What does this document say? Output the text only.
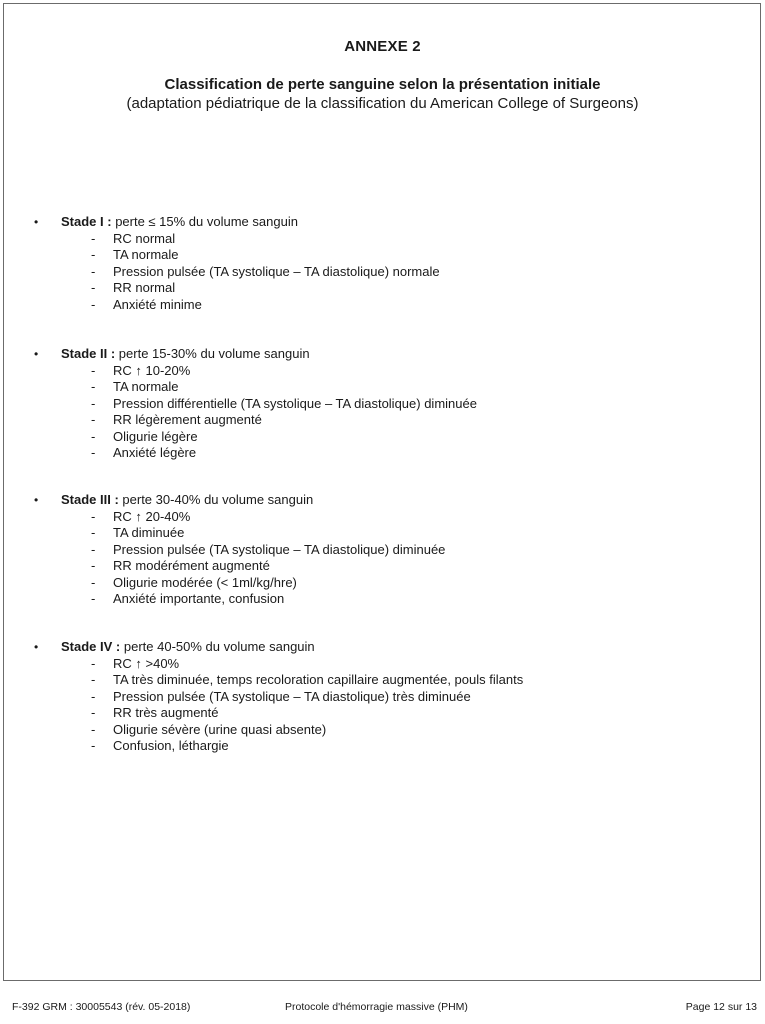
ANNEXE 2
Classification de perte sanguine selon la présentation initiale
(adaptation pédiatrique de la classification du American College of Surgeons)
• Stade I : perte ≤ 15% du volume sanguin
- RC normal
- TA normale
- Pression pulsée (TA systolique – TA diastolique) normale
- RR normal
- Anxiété minime
• Stade II : perte 15-30% du volume sanguin
- RC ↑ 10-20%
- TA normale
- Pression différentielle (TA systolique – TA diastolique) diminuée
- RR légèrement augmenté
- Oligurie légère
- Anxiété légère
• Stade III : perte 30-40% du volume sanguin
- RC ↑ 20-40%
- TA diminuée
- Pression pulsée (TA systolique – TA diastolique) diminuée
- RR modérément augmenté
- Oligurie modérée (< 1ml/kg/hre)
- Anxiété importante, confusion
• Stade IV : perte 40-50% du volume sanguin
- RC ↑ >40%
- TA très diminuée, temps recoloration capillaire augmentée, pouls filants
- Pression pulsée (TA systolique – TA diastolique) très diminuée
- RR très augmenté
- Oligurie sévère (urine quasi absente)
- Confusion, léthargie
F-392 GRM : 30005543 (rév. 05-2018)	Protocole d'hémorragie massive (PHM)	Page 12 sur 13
